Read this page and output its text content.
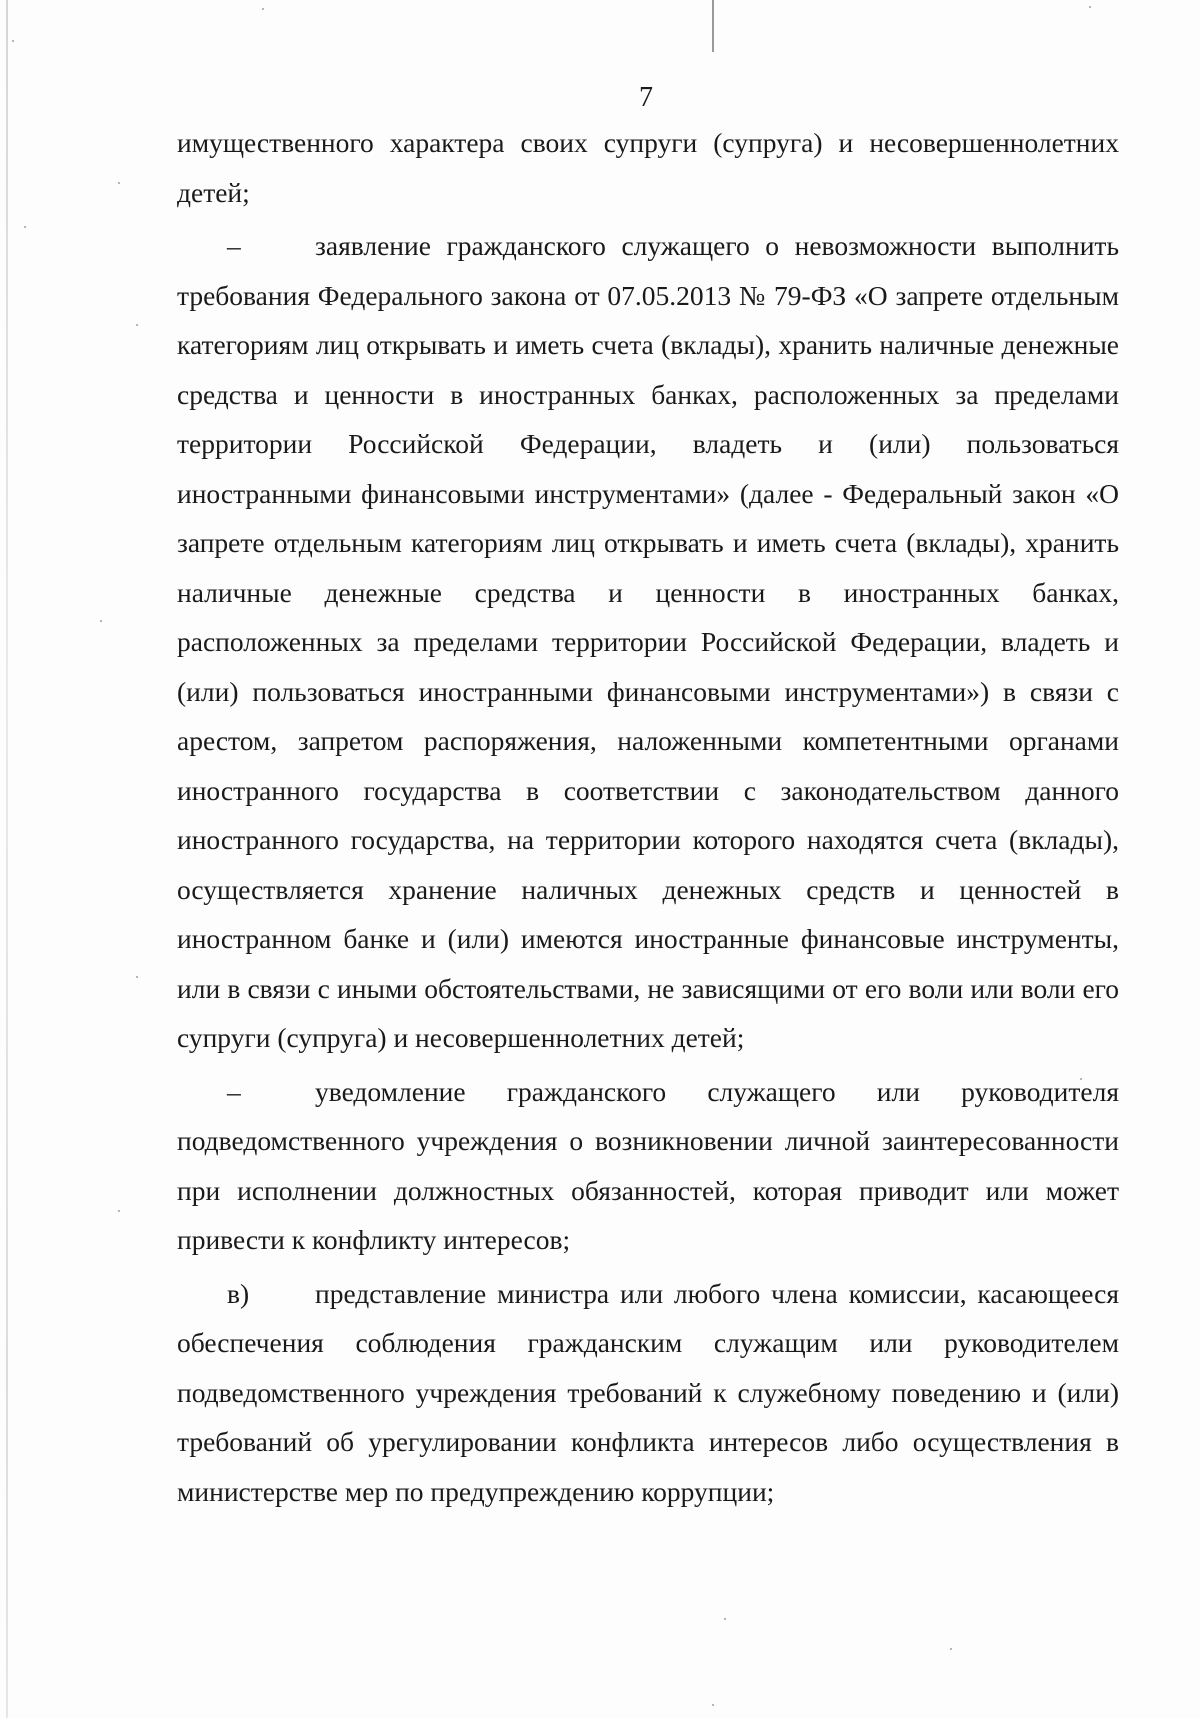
7

имущественного характера своих супруги (супруга) и несовершеннолетних детей;

–	заявление гражданского служащего о невозможности выполнить требования Федерального закона от 07.05.2013 № 79-ФЗ «О запрете отдельным категориям лиц открывать и иметь счета (вклады), хранить наличные денежные средства и ценности в иностранных банках, расположенных за пределами территории Российской Федерации, владеть и (или) пользоваться иностранными финансовыми инструментами» (далее - Федеральный закон «О запрете отдельным категориям лиц открывать и иметь счета (вклады), хранить наличные денежные средства и ценности в иностранных банках, расположенных за пределами территории Российской Федерации, владеть и (или) пользоваться иностранными финансовыми инструментами») в связи с арестом, запретом распоряжения, наложенными компетентными органами иностранного государства в соответствии с законодательством данного иностранного государства, на территории которого находятся счета (вклады), осуществляется хранение наличных денежных средств и ценностей в иностранном банке и (или) имеются иностранные финансовые инструменты, или в связи с иными обстоятельствами, не зависящими от его воли или воли его супруги (супруга) и несовершеннолетних детей;

–	уведомление гражданского служащего или руководителя подведомственного учреждения о возникновении личной заинтересованности при исполнении должностных обязанностей, которая приводит или может привести к конфликту интересов;

в) представление министра или любого члена комиссии, касающееся обеспечения соблюдения гражданским служащим или руководителем подведомственного учреждения требований к служебному поведению и (или) требований об урегулировании конфликта интересов либо осуществления в министерстве мер по предупреждению коррупции;
